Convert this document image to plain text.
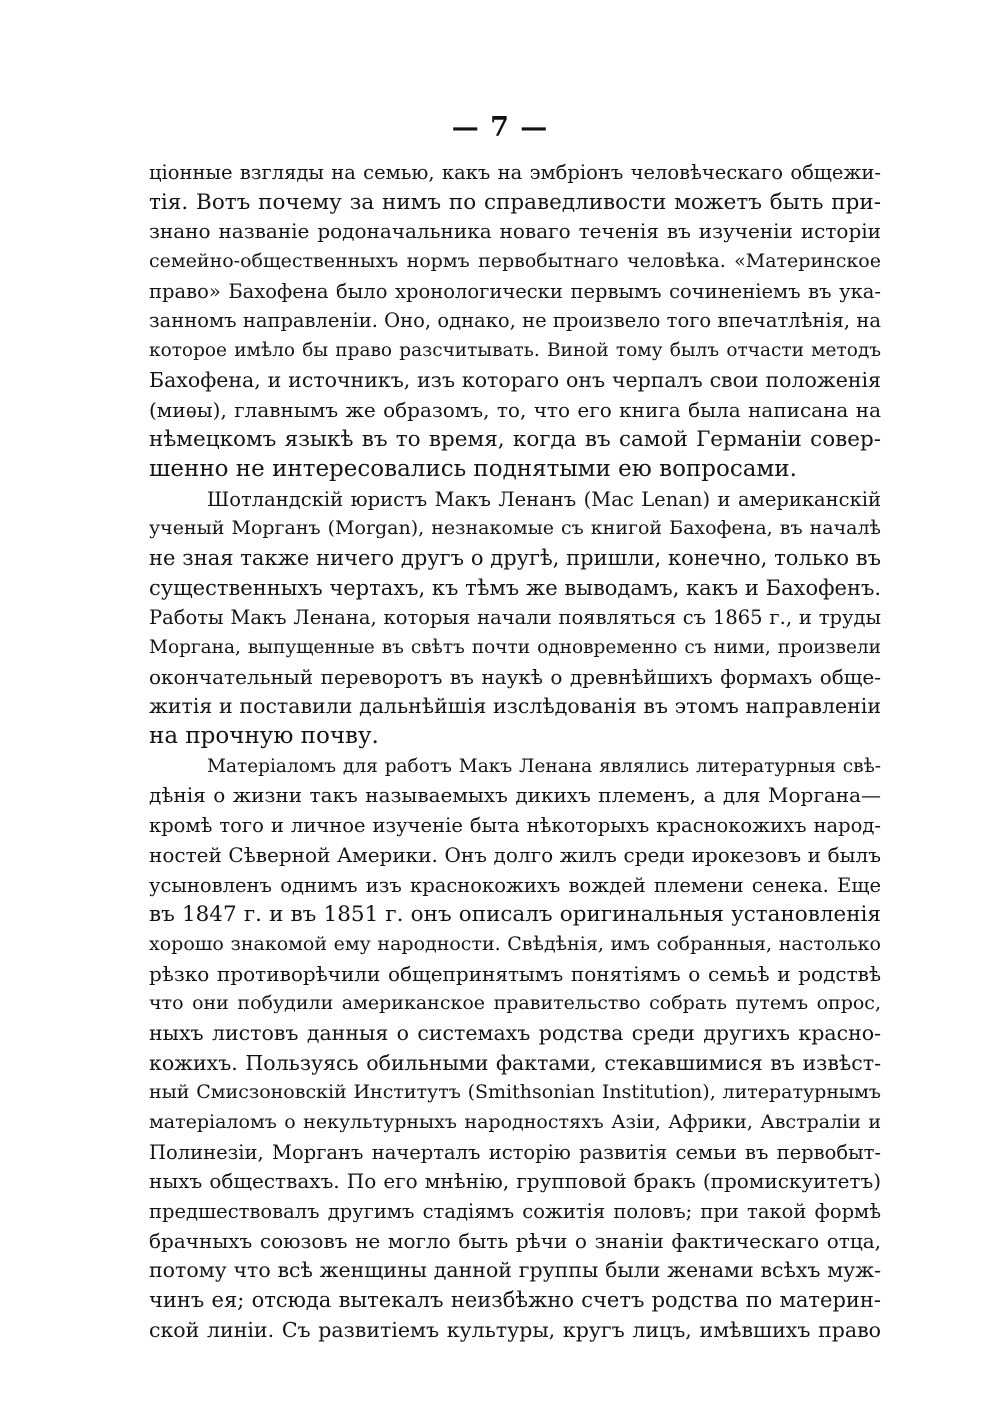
— 7 —
ціонные взгляды на семью, какъ на эмбріонъ человѣческаго общежи-
тія. Вотъ почему за нимъ по справедливости можетъ быть при-
знано названіе родоначальника новаго теченія въ изученіи исторіи
семейно-общественныхъ нормъ первобытнаго человѣка. «Материнское
право» Бахофена было хронологически первымъ сочиненіемъ въ ука-
занномъ направленіи. Оно, однако, не произвело того впечатлѣнія, на
которое имѣло бы право разсчитывать. Виной тому былъ отчасти методъ
Бахофена, и источникъ, изъ котораго онъ черпалъ свои положенія
(миѳы), главнымъ же образомъ, то, что его книга была написана на
нѣмецкомъ языкѣ въ то время, когда въ самой Германіи совер-
шенно не интересовались поднятыми ею вопросами.
Шотландскій юристъ Макъ Ленанъ (Mac Lenan) и американскій
ученый Морганъ (Morgan), незнакомые съ книгой Бахофена, въ началѣ
не зная также ничего другъ о другѣ, пришли, конечно, только въ
существенныхъ чертахъ, къ тѣмъ же выводамъ, какъ и Бахофенъ.
Работы Макъ Ленана, которыя начали появляться съ 1865 г., и труды
Моргана, выпущенные въ свѣтъ почти одновременно съ ними, произвели
окончательный переворотъ въ наукѣ о древнѣйшихъ формахъ обще-
житія и поставили дальнѣйшія изслѣдованія въ этомъ направленіи
на прочную почву.
Матеріаломъ для работъ Макъ Ленана являлись литературныя свѣ-
дѣнія о жизни такъ называемыхъ дикихъ племенъ, а для Моргана—
кромѣ того и личное изученіе быта нѣкоторыхъ краснокожихъ народ-
ностей Сѣверной Америки. Онъ долго жилъ среди ирокезовъ и былъ
усыновленъ однимъ изъ краснокожихъ вождей племени сенека. Еще
въ 1847 г. и въ 1851 г. онъ описалъ оригинальныя установленія
хорошо знакомой ему народности. Свѣдѣнія, имъ собранныя, настолько
рѣзко противорѣчили общепринятымъ понятіямъ о семьѣ и родствѣ
что они побудили американское правительство собрать путемъ опрос,
ныхъ листовъ данныя о системахъ родства среди другихъ красно-
кожихъ. Пользуясь обильными фактами, стекавшимися въ извѣст-
ный Смисзоновскій Институтъ (Smithsonian Institution), литературнымъ
матеріаломъ о некультурныхъ народностяхъ Азіи, Африки, Австраліи и
Полинезіи, Морганъ начерталъ исторію развитія семьи въ первобыт-
ныхъ обществахъ. По его мнѣнію, групповой бракъ (промискуитетъ)
предшествовалъ другимъ стадіямъ сожитія половъ; при такой формѣ
брачныхъ союзовъ не могло быть рѣчи о знаніи фактическаго отца,
потому что всѣ женщины данной группы были женами всѣхъ муж-
чинъ ея; отсюда вытекалъ неизбѣжно счетъ родства по материн-
ской линіи. Съ развитіемъ культуры, кругъ лицъ, имѣвшихъ право
